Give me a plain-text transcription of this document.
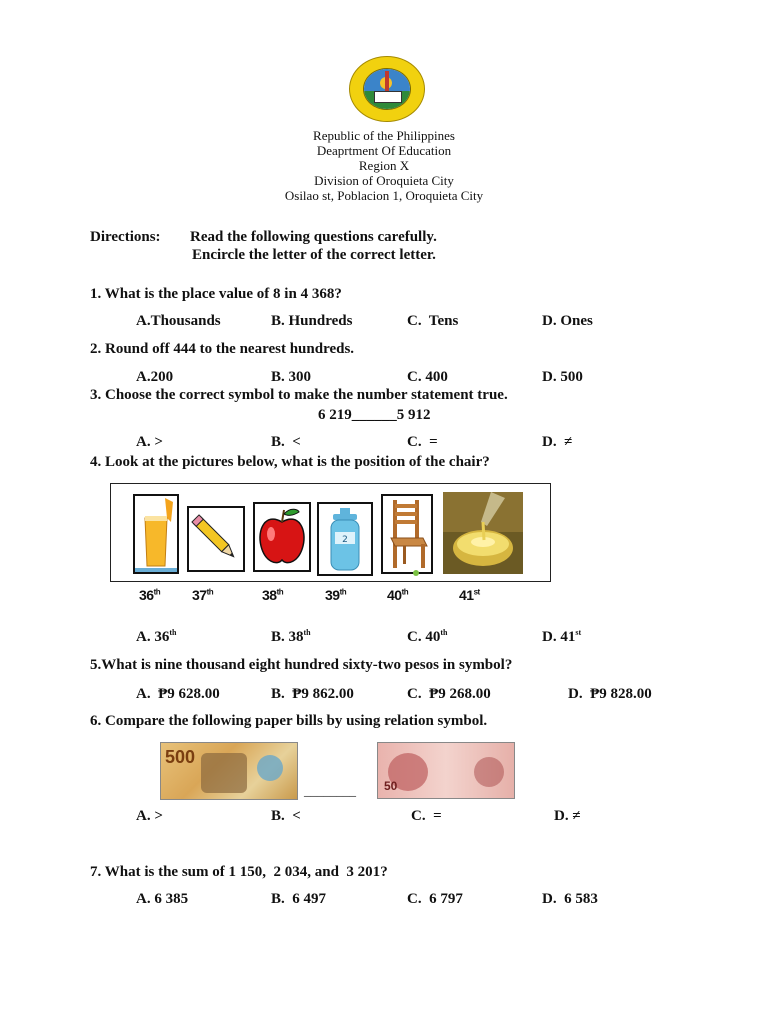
Republic of the Philippines
Deaprtment Of Education
Region X
Division of Oroquieta City
Osilao st, Poblacion 1, Oroquieta City
Directions: Read the following questions carefully.
Encircle the letter of the correct letter.
1. What is the place value of 8 in 4 368?
A.Thousands	B. Hundreds	C.  Tens	D. Ones
2. Round off 444 to the nearest hundreds.
A.200	B. 300	C. 400	D. 500
3. Choose the correct symbol to make the number statement true.
6 219______5 912
A. >	B.  <	C.  =	D.  ≠
4. Look at the pictures below, what is the position of the chair?
2
36th 37th	38th	39th	40th	41st
A. 36th	B. 38th	C. 40th	D. 41st
5.What is nine thousand eight hundred sixty-two pesos in symbol?
A.  ₱9 628.00	B.  ₱9 862.00	C.  ₱9 268.00	D.  ₱9 828.00
6. Compare the following paper bills by using relation symbol.
500
________ 50
A. >	B.  <	C.  =	D. ≠
7. What is the sum of 1 150,  2 034, and  3 201?
A. 6 385	B.  6 497	C.  6 797	D.  6 583
